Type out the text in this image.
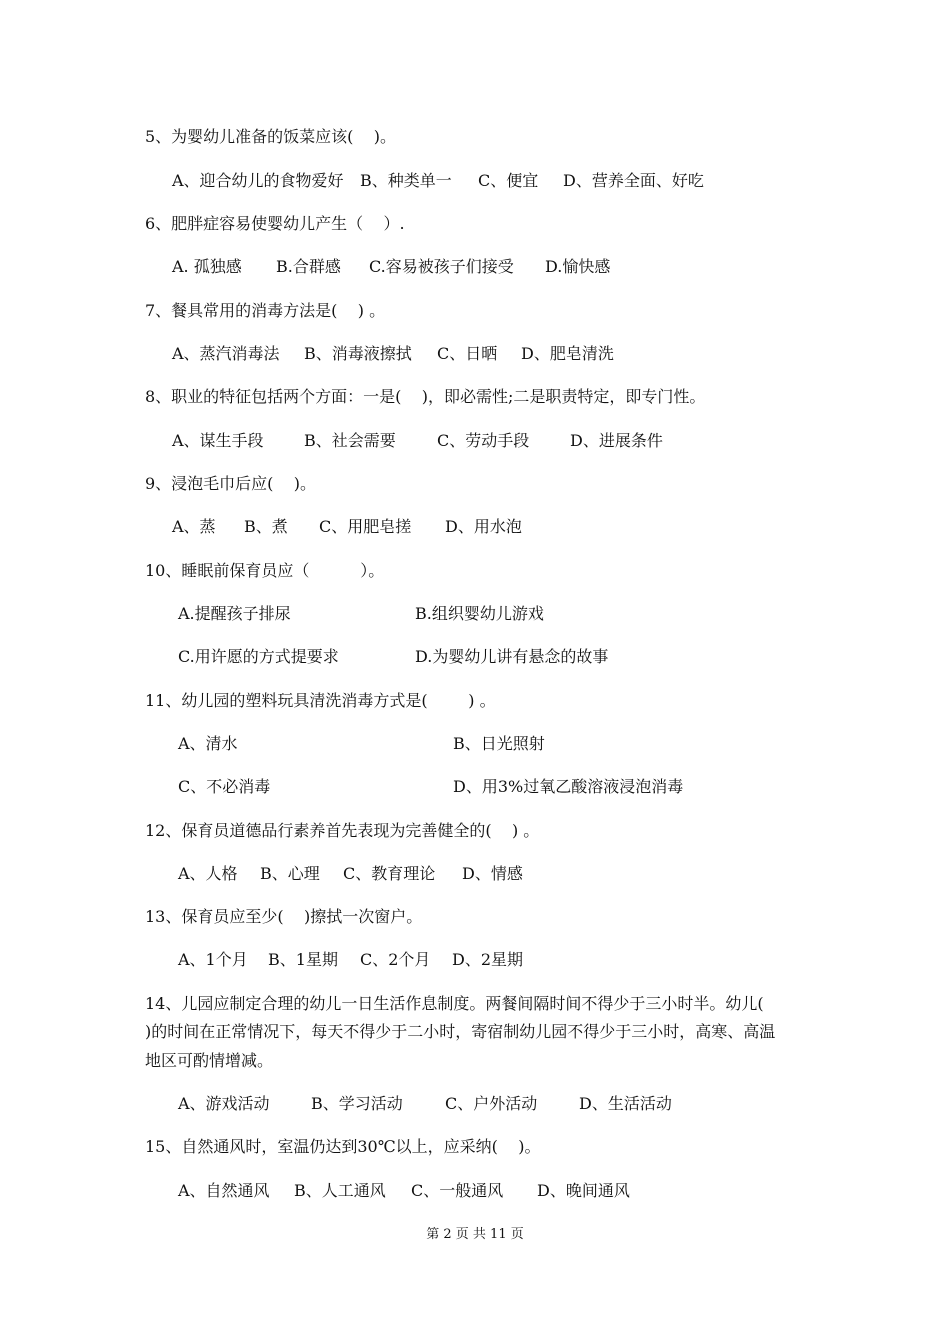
5、为婴幼儿准备的饭菜应该(    )。
A、迎合幼儿的食物爱好 B、种类单一 C、便宜 D、营养全面、好吃
6、肥胖症容易使婴幼儿产生（    ）.
A. 孤独感 B.合群感 C.容易被孩子们接受 D.愉快感
7、餐具常用的消毒方法是(    ) 。
A、蒸汽消毒法 B、消毒液擦拭 C、日晒 D、肥皂清洗
8、职业的特征包括两个方面：一是(    )，即必需性;二是职责特定，即专门性。
A、谋生手段	B、社会需要	C、劳动手段	D、进展条件
9、浸泡毛巾后应(    )。
A、蒸 B、煮 C、用肥皂搓 D、用水泡
10、睡眠前保育员应（          ）。
A.提醒孩子排尿	B.组织婴幼儿游戏
C.用许愿的方式提要求	D.为婴幼儿讲有悬念的故事
11、幼儿园的塑料玩具清洗消毒方式是(        ) 。
A、清水	B、日光照射
C、不必消毒	D、用3%过氧乙酸溶液浸泡消毒
12、保育员道德品行素养首先表现为完善健全的(    ) 。
A、人格 B、心理 C、教育理论 D、情感
13、保育员应至少(    )擦拭一次窗户。
A、1个月 B、1星期 C、2个月 D、2星期
14、儿园应制定合理的幼儿一日生活作息制度。两餐间隔时间不得少于三小时半。幼儿(
)的时间在正常情况下，每天不得少于二小时，寄宿制幼儿园不得少于三小时，高寒、高温
地区可酌情增减。
A、游戏活动	B、学习活动	C、户外活动	D、生活活动
15、自然通风时，室温仍达到30℃以上，应采纳(    )。
A、自然通风 B、人工通风 C、一般通风 D、晚间通风
第 2 页 共 11 页
